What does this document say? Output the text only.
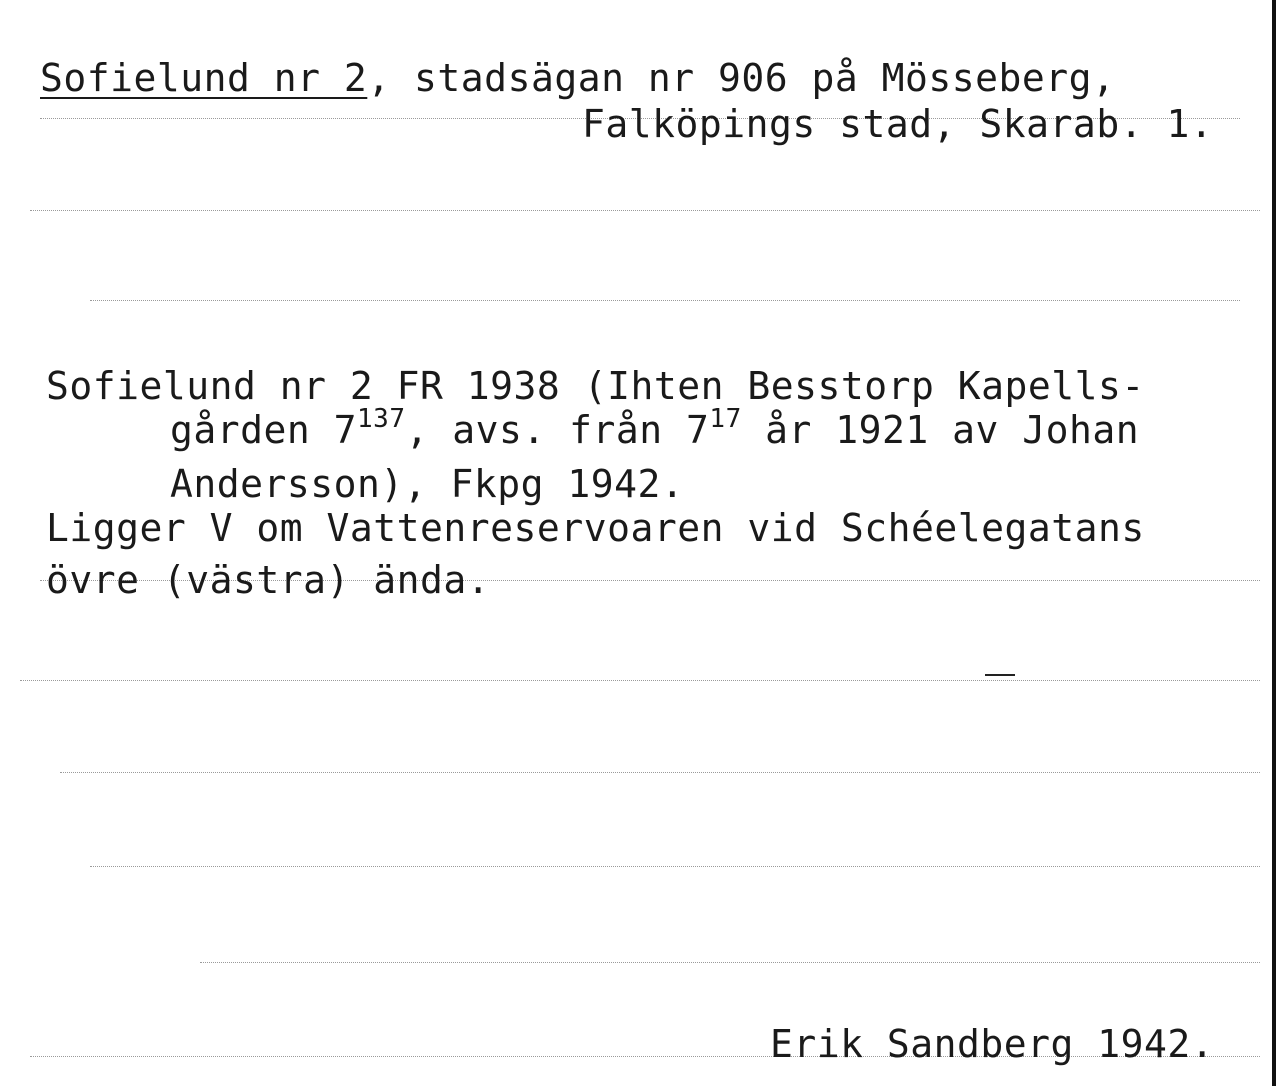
Sofielund nr 2, stadsägan nr 906 på Mösseberg,
Falköpings stad, Skarab. 1.
Sofielund nr 2 FR 1938 (Ihten Besstorp Kapells-
gården $7^{137}$, avs. från $7^{17}$ år 1921 av Johan
Andersson), Fkpg 1942.
Ligger V om Vattenreservoaren vid Schéelegatans
övre (västra) ända.
Erik Sandberg 1942.
